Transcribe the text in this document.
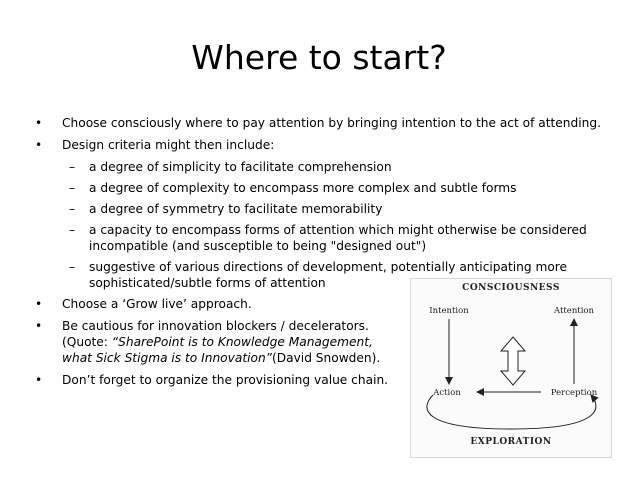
Where to start?
• Choose consciously where to pay attention by bringing intention to the act of attending.
• Design criteria might then include:
– a degree of simplicity to facilitate comprehension
– a degree of complexity to encompass more complex and subtle forms
– a degree of symmetry to facilitate memorability
– a capacity to encompass forms of attention which might otherwise be considered
incompatible (and susceptible to being "designed out")
– suggestive of various directions of development, potentially anticipating more
sophisticated/subtle forms of attention
• Choose a ‘Grow live’ approach.
• Be cautious for innovation blockers / decelerators.
(Quote: “SharePoint is to Knowledge Management,
what Sick Stigma is to Innovation”(David Snowden).
• Don’t forget to organize the provisioning value chain.
CONSCIOUSNESS
Intention	Attention
Action	Perception
EXPLORATION
